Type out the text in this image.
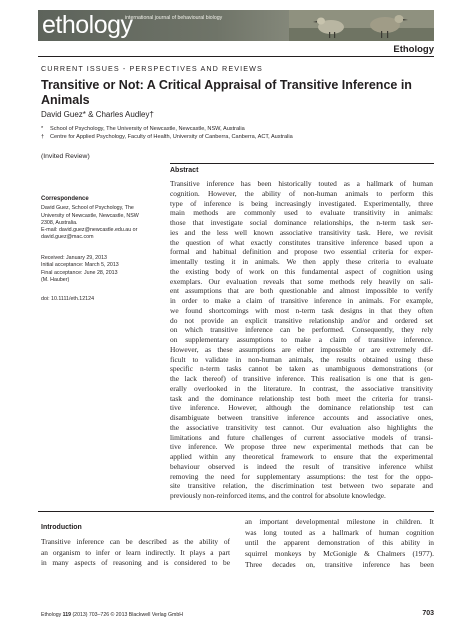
ethology
international journal of behavioural biology
Ethology
CURRENT ISSUES - PERSPECTIVES AND REVIEWS
Transitive or Not: A Critical Appraisal of Transitive Inference in
Animals
David Guez* & Charles Audley†
* School of Psychology, The University of Newcastle, Newcastle, NSW, Australia
† Centre for Applied Psychology, Faculty of Health, University of Canberra, Canberra, ACT, Australia
(Invited Review)

Correspondence

David Guez, School of Psychology, The

University of Newcastle, Newcastle, NSW

2308, Australia.

E-mail: david.guez@newcastle.edu.au or

david.guez@mac.com

Received: January 29, 2013

Initial acceptance: March 5, 2013

Final acceptance: June 28, 2013

(M. Hauber)

doi: 10.1111/eth.12124

Abstract
Transitive inference has been historically touted as a hallmark of human
cognition. However, the ability of non-human animals to perform this
type of inference is being increasingly investigated. Experimentally, three
main methods are commonly used to evaluate transitivity in animals:
those that investigate social dominance relationships, the n-term task ser-
ies and the less well known associative transitivity task. Here, we revisit
the question of what exactly constitutes transitive inference based upon a
formal and habitual definition and propose two essential criteria for exper-
imentally testing it in animals. We then apply these criteria to evaluate
the existing body of work on this fundamental aspect of cognition using
exemplars. Our evaluation reveals that some methods rely heavily on sali-
ent assumptions that are both questionable and almost impossible to verify
in order to make a claim of transitive inference in animals. For example,
we found shortcomings with most n-term task designs in that they often
do not provide an explicit transitive relationship and/or and ordered set
on which transitive inference can be performed. Consequently, they rely
on supplementary assumptions to make a claim of transitive inference.
However, as these assumptions are either impossible or are extremely dif-
ficult to validate in non-human animals, the results obtained using these
specific n-term tasks cannot be taken as unambiguous demonstrations (or
the lack thereof) of transitive inference. This realisation is one that is gen-
erally overlooked in the literature. In contrast, the associative transitivity
task and the dominance relationship test both meet the criteria for transi-
tive inference. However, although the dominance relationship test can
disambiguate between transitive inference accounts and associative ones,
the associative transitivity test cannot. Our evaluation also highlights the
limitations and future challenges of current associative models of transi-
tive inference. We propose three new experimental methods that can be
applied within any theoretical framework to ensure that the experimental
behaviour observed is indeed the result of transitive inference whilst
removing the need for supplementary assumptions: the test for the oppo-
site transitive relation, the discrimination test between two separate and
previously non-reinforced items, and the control for absolute knowledge.
Introduction
Transitive inference can be described as the ability of
an organism to infer or learn indirectly. It plays a part
in many aspects of reasoning and is considered to be
an important developmental milestone in children. It
was long touted as a hallmark of human cognition
until the apparent demonstration of this ability in
squirrel monkeys by McGonigle & Chalmers (1977).
Three decades on, transitive inference has been
Ethology 119 (2013) 703–726 © 2013 Blackwell Verlag GmbH	703
